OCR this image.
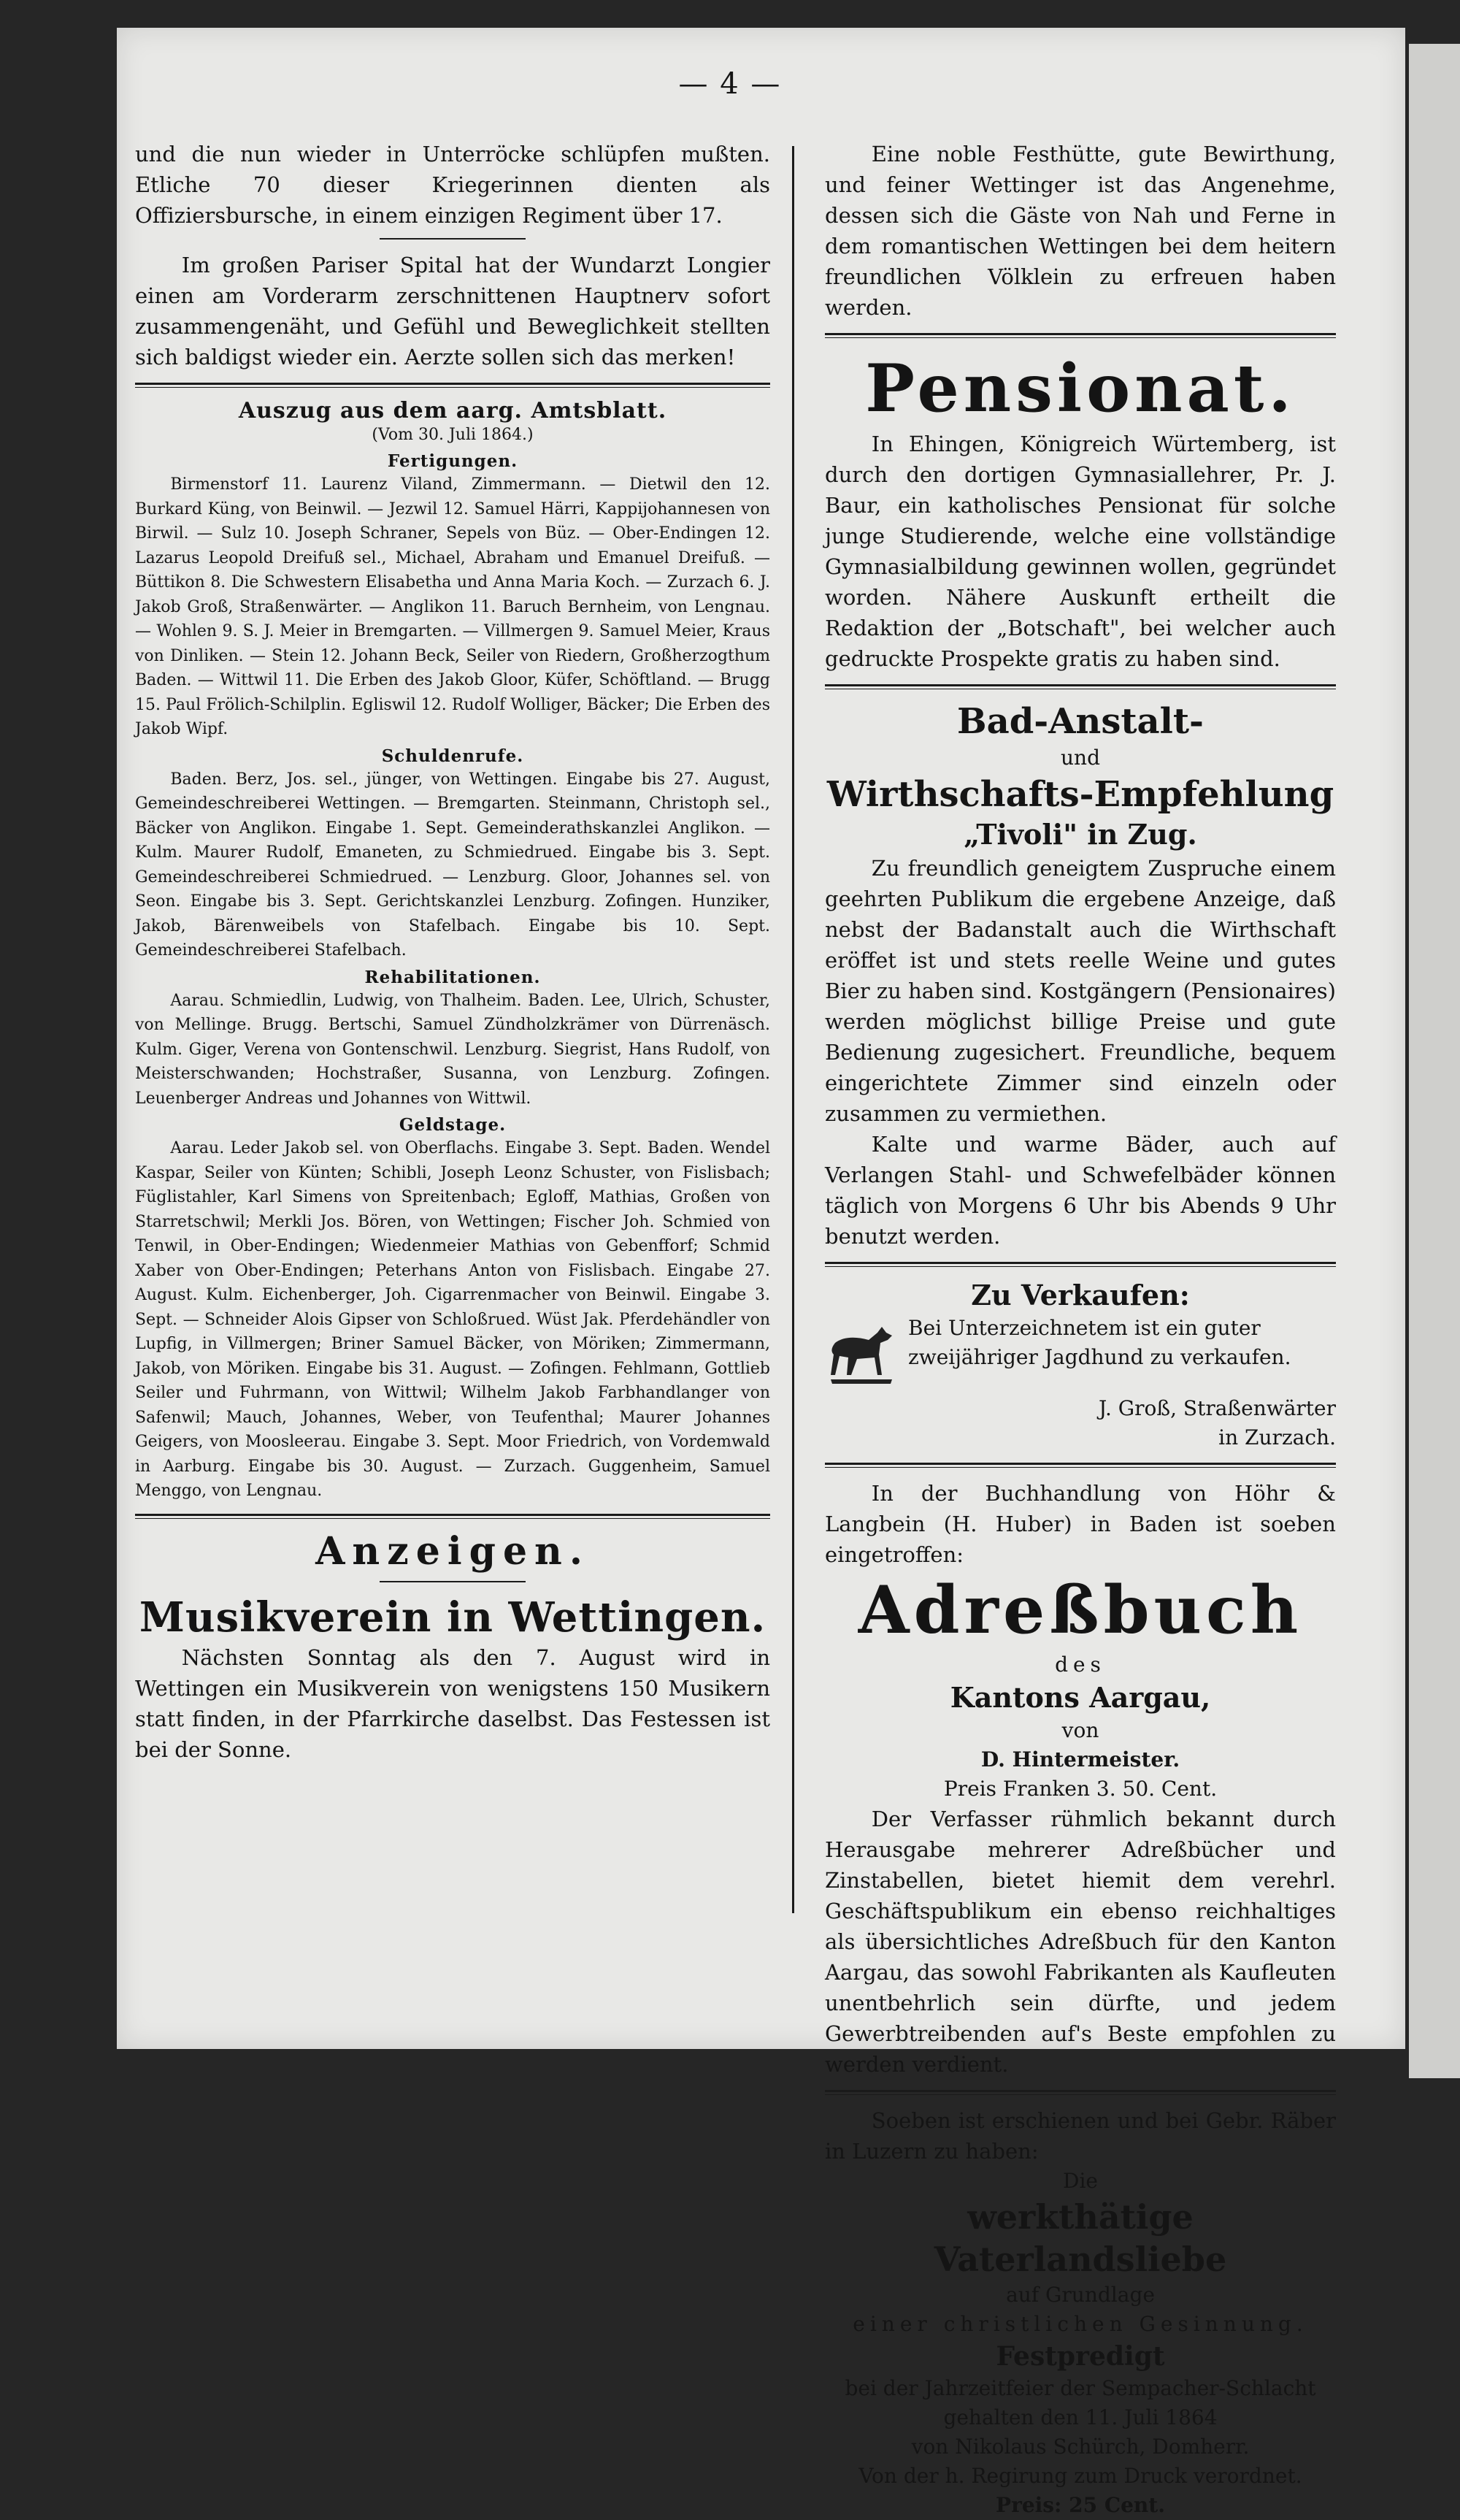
— 4 —

und die nun wieder in Unterröcke schlüpfen mußten. Etliche 70 dieser Kriegerinnen dienten als Offiziersbursche, in einem einzigen Regiment über 17.

Im großen Pariser Spital hat der Wundarzt Longier einen am Vorderarm zerschnittenen Hauptnerv sofort zusammengenäht, und Gefühl und Beweglichkeit stellten sich baldigst wieder ein. Aerzte sollen sich das merken!

Auszug aus dem aarg. Amtsblatt.

(Vom 30. Juli 1864.)

Fertigungen.

Birmenstorf 11. Laurenz Viland, Zimmermann. — Dietwil den 12. Burkard Küng, von Beinwil. — Jezwil 12. Samuel Härri, Kappijohannesen von Birwil. — Sulz 10. Joseph Schraner, Sepels von Büz. — Ober-Endingen 12. Lazarus Leopold Dreifuß sel., Michael, Abraham und Emanuel Dreifuß. — Büttikon 8. Die Schwestern Elisabetha und Anna Maria Koch. — Zurzach 6. J. Jakob Groß, Straßenwärter. — Anglikon 11. Baruch Bernheim, von Lengnau. — Wohlen 9. S. J. Meier in Bremgarten. — Villmergen 9. Samuel Meier, Kraus von Dinliken. — Stein 12. Johann Beck, Seiler von Riedern, Großherzogthum Baden. — Wittwil 11. Die Erben des Jakob Gloor, Küfer, Schöftland. — Brugg 15. Paul Frölich-Schilplin. Egliswil 12. Rudolf Wolliger, Bäcker; Die Erben des Jakob Wipf.

Schuldenrufe.

Baden. Berz, Jos. sel., jünger, von Wettingen. Eingabe bis 27. August, Gemeindeschreiberei Wettingen. — Bremgarten. Steinmann, Christoph sel., Bäcker von Anglikon. Eingabe 1. Sept. Gemeinderathskanzlei Anglikon. — Kulm. Maurer Rudolf, Emaneten, zu Schmiedrued. Eingabe bis 3. Sept. Gemeindeschreiberei Schmiedrued. — Lenzburg. Gloor, Johannes sel. von Seon. Eingabe bis 3. Sept. Gerichtskanzlei Lenzburg. Zofingen. Hunziker, Jakob, Bärenweibels von Stafelbach. Eingabe bis 10. Sept. Gemeindeschreiberei Stafelbach.

Rehabilitationen.

Aarau. Schmiedlin, Ludwig, von Thalheim. Baden. Lee, Ulrich, Schuster, von Mellinge. Brugg. Bertschi, Samuel Zündholzkrämer von Dürrenäsch. Kulm. Giger, Verena von Gontenschwil. Lenzburg. Siegrist, Hans Rudolf, von Meisterschwanden; Hochstraßer, Susanna, von Lenzburg. Zofingen. Leuenberger Andreas und Johannes von Wittwil.

Geldstage.

Aarau. Leder Jakob sel. von Oberflachs. Eingabe 3. Sept. Baden. Wendel Kaspar, Seiler von Künten; Schibli, Joseph Leonz Schuster, von Fislisbach; Füglistahler, Karl Simens von Spreitenbach; Egloff, Mathias, Großen von Starretschwil; Merkli Jos. Bören, von Wettingen; Fischer Joh. Schmied von Tenwil, in Ober-Endingen; Wiedenmeier Mathias von Gebenfforf; Schmid Xaber von Ober-Endingen; Peterhans Anton von Fislisbach. Eingabe 27. August. Kulm. Eichenberger, Joh. Cigarrenmacher von Beinwil. Eingabe 3. Sept. — Schneider Alois Gipser von Schloßrued. Wüst Jak. Pferdehändler von Lupfig, in Villmergen; Briner Samuel Bäcker, von Möriken; Zimmermann, Jakob, von Möriken. Eingabe bis 31. August. — Zofingen. Fehlmann, Gottlieb Seiler und Fuhrmann, von Wittwil; Wilhelm Jakob Farbhandlanger von Safenwil; Mauch, Johannes, Weber, von Teufenthal; Maurer Johannes Geigers, von Moosleerau. Eingabe 3. Sept. Moor Friedrich, von Vordemwald in Aarburg. Eingabe bis 30. August. — Zurzach. Guggenheim, Samuel Menggo, von Lengnau.

Anzeigen.

Musikverein in Wettingen.

Nächsten Sonntag als den 7. August wird in Wettingen ein Musikverein von wenigstens 150 Musikern statt finden, in der Pfarrkirche daselbst. Das Festessen ist bei der Sonne.

Eine noble Festhütte, gute Bewirthung, und feiner Wettinger ist das Angenehme, dessen sich die Gäste von Nah und Ferne in dem romantischen Wettingen bei dem heitern freundlichen Völklein zu erfreuen haben werden.

Pensionat.

In Ehingen, Königreich Würtemberg, ist durch den dortigen Gymnasiallehrer, Pr. J. Baur, ein katholisches Pensionat für solche junge Studierende, welche eine vollständige Gymnasialbildung gewinnen wollen, gegründet worden. Nähere Auskunft ertheilt die Redaktion der „Botschaft", bei welcher auch gedruckte Prospekte gratis zu haben sind.

Bad-Anstalt-

und

Wirthschafts-Empfehlung

„Tivoli" in Zug.

Zu freundlich geneigtem Zuspruche einem geehrten Publikum die ergebene Anzeige, daß nebst der Badanstalt auch die Wirthschaft eröffet ist und stets reelle Weine und gutes Bier zu haben sind. Kostgängern (Pensionaires) werden möglichst billige Preise und gute Bedienung zugesichert. Freundliche, bequem eingerichtete Zimmer sind einzeln oder zusammen zu vermiethen.

Kalte und warme Bäder, auch auf Verlangen Stahl- und Schwefelbäder können täglich von Morgens 6 Uhr bis Abends 9 Uhr benutzt werden.

Zu Verkaufen:

Bei Unterzeichnetem ist ein guter zweijähriger Jagdhund zu verkaufen.

J. Groß, Straßenwärter

in Zurzach.

In der Buchhandlung von Höhr & Langbein (H. Huber) in Baden ist soeben eingetroffen:

Adreßbuch

des

Kantons Aargau,

von

D. Hintermeister.

Preis Franken 3. 50. Cent.

Der Verfasser rühmlich bekannt durch Herausgabe mehrerer Adreßbücher und Zinstabellen, bietet hiemit dem verehrl. Geschäftspublikum ein ebenso reichhaltiges als übersichtliches Adreßbuch für den Kanton Aargau, das sowohl Fabrikanten als Kaufleuten unentbehrlich sein dürfte, und jedem Gewerbtreibenden auf's Beste empfohlen zu werden verdient.

Soeben ist erschienen und bei Gebr. Räber in Luzern zu haben:

Die

werkthätige Vaterlandsliebe

auf Grundlage

einer christlichen Gesinnung.

Festpredigt

bei der Jahrzeitfeier der Sempacher-Schlacht

gehalten den 11. Juli 1864

von Nikolaus Schürch, Domherr.

Von der h. Regirung zum Druck verordnet.

Preis: 25 Cent.
